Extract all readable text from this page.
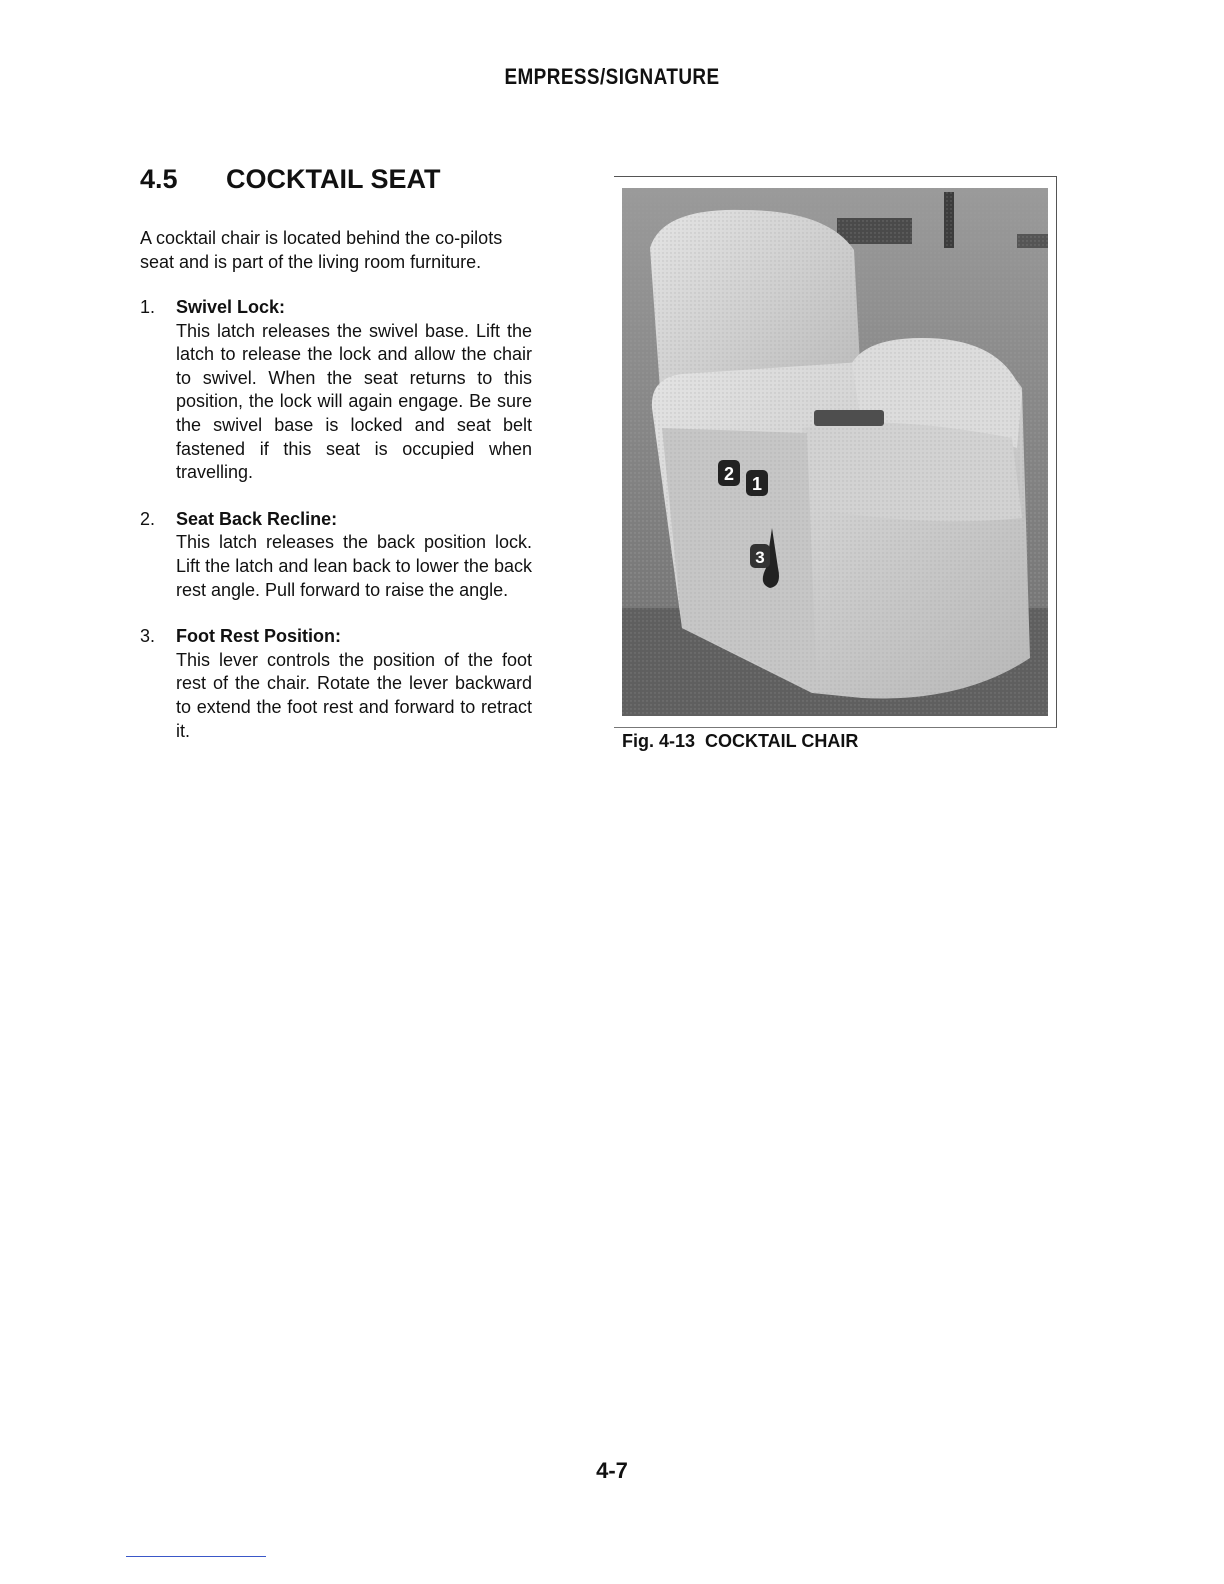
EMPRESS/SIGNATURE
4.5	COCKTAIL SEAT

A cocktail chair is located behind the co-pilots seat and is part of the living room furniture.

1.	Swivel Lock:
This latch releases the swivel base. Lift the latch to release the lock and allow the chair to swivel. When the seat returns to this position, the lock will again engage. Be sure the swivel base is locked and seat belt fastened if this seat is occupied when travelling.
2.	Seat Back Recline:
This latch releases the back position lock. Lift the latch and lean back to lower the back rest angle. Pull forward to raise the angle.
3.	Foot Rest Position:
This lever controls the position of the foot rest of the chair. Rotate the lever backward to extend the foot rest and forward to retract it.
2 1
3
Fig. 4-13  COCKTAIL CHAIR
4-7
